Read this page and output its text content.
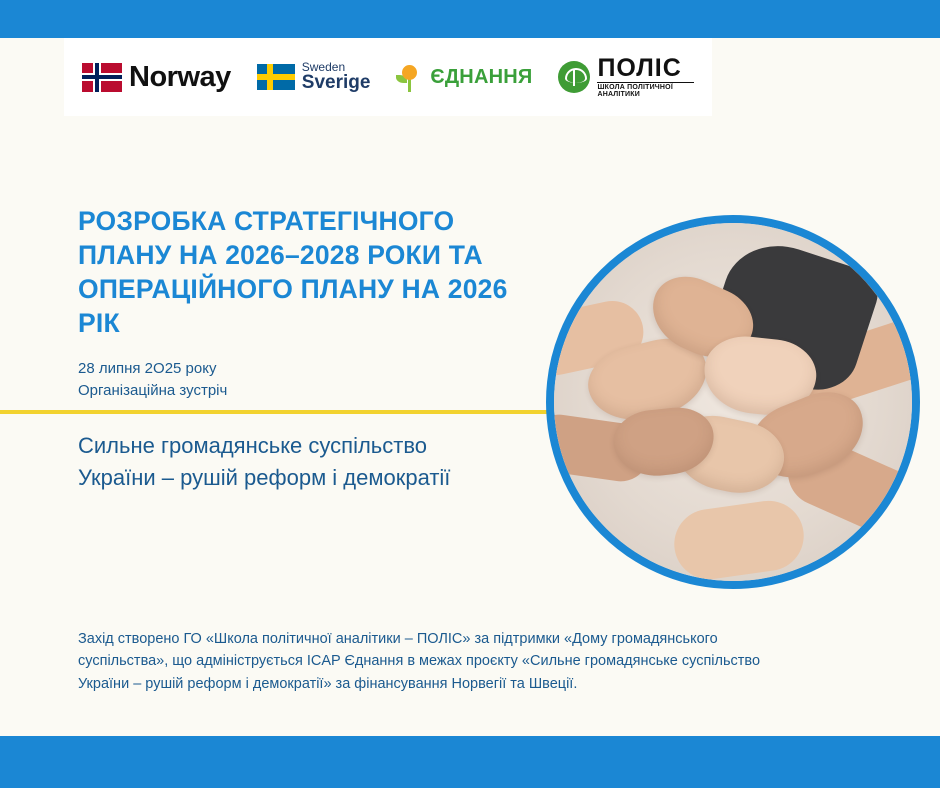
Norway	Sweden
Sverige	ЄДНАННЯ	ПОЛІС
ШКОЛА ПОЛІТИЧНОЇ АНАЛІТИКИ
РОЗРОБКА СТРАТЕГІЧНОГО ПЛАНУ НА 2026–2028 РОКИ ТА ОПЕРАЦІЙНОГО ПЛАНУ НА 2026 РІК
28 липня 2О25 року
Організаційна зустріч
Сильне громадянське суспільство України – рушій реформ і демократії

Захід створено ГО «Школа політичної аналітики – ПОЛІС» за підтримки «Дому громадянського суспільства», що адмініструється ICAP Єднання в межах проєкту «Сильне громадянське суспільство України – рушій реформ і демократії» за фінансування Норвегії та Швеції.
